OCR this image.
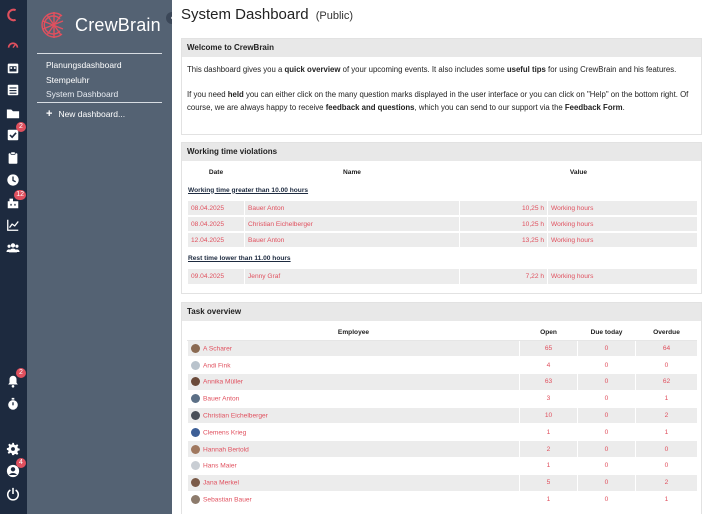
2
12
2
4
CrewBrain
Planungsdashboard
Stempeluhr
System Dashboard
+ New dashboard...
System Dashboard (Public)
Welcome to CrewBrain

This dashboard gives you a quick overview of your upcoming events. It also includes some useful tips for using CrewBrain and his features.

If you need held you can either click on the many question marks displayed in the user interface or you can click on "Help" on the bottom right. Of course, we are always happy to receive feedback and questions, which you can send to our support via the Feedback Form.

Working time violations
Date	Name	Value	
Working time greater than 10.00 hours			
08.04.2025	Bauer Anton	10,25 h	Working hours
08.04.2025	Christian Eichelberger	10,25 h	Working hours
12.04.2025	Bauer Anton	13,25 h	Working hours
Rest time lower than 11.00 hours			
09.04.2025	Jenny Graf	7,22 h	Working hours
Task overview
Employee	Open	Due today	Overdue
A Scharer	65	0	64
Andi Fink	4	0	0
Annika Müller	63	0	62
Bauer Anton	3	0	1
Christian Eichelberger	10	0	2
Clemens Krieg	1	0	1
Hannah Bertold	2	0	0
Hans Maier	1	0	0
Jana Merkel	5	0	2
Sebastian Bauer	1	0	1
